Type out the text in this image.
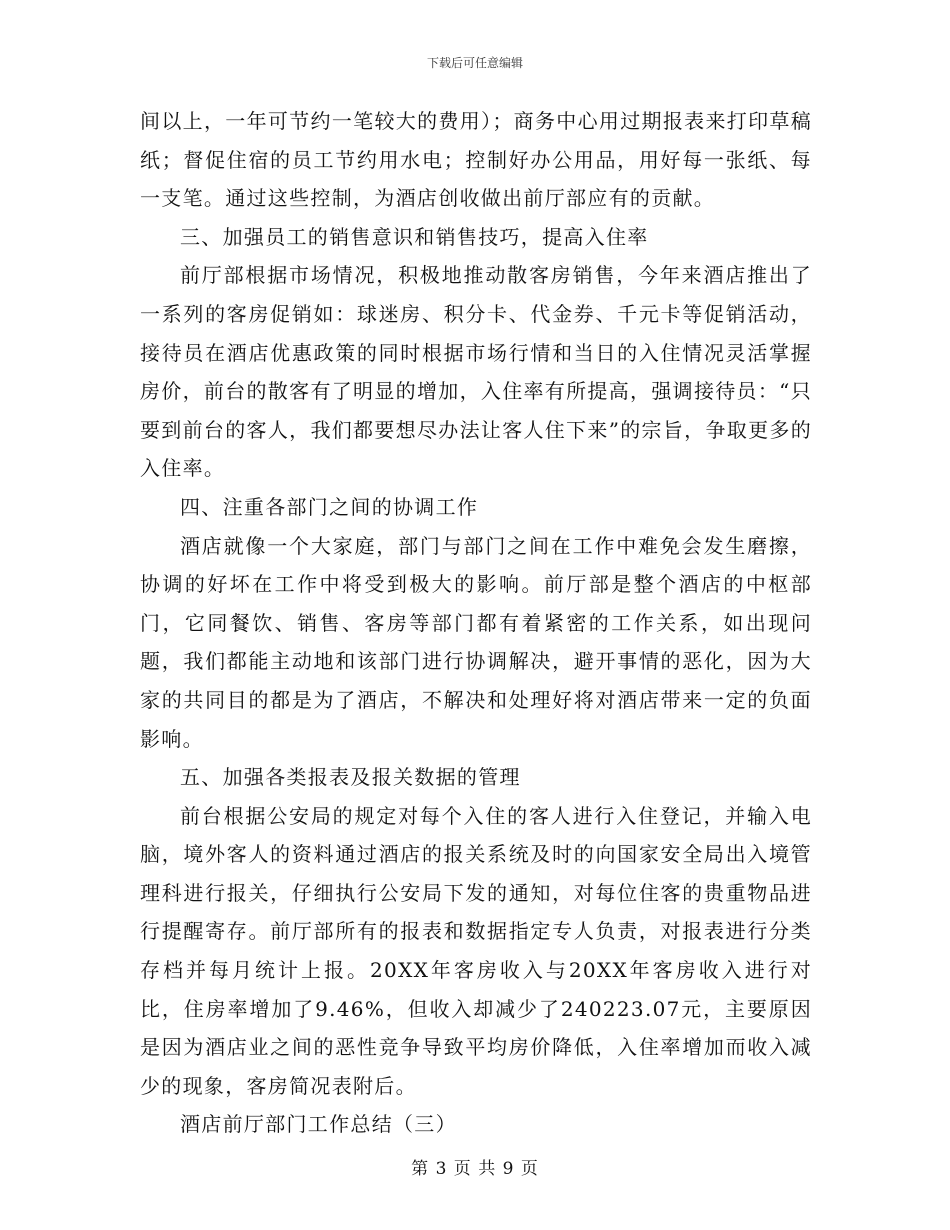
下载后可任意编辑

间以上，一年可节约一笔较大的费用）；商务中心用过期报表来打印草稿纸；督促住宿的员工节约用水电；控制好办公用品，用好每一张纸、每一支笔。通过这些控制，为酒店创收做出前厅部应有的贡献。

三、加强员工的销售意识和销售技巧，提高入住率

前厅部根据市场情况，积极地推动散客房销售，今年来酒店推出了一系列的客房促销如：球迷房、积分卡、代金券、千元卡等促销活动，接待员在酒店优惠政策的同时根据市场行情和当日的入住情况灵活掌握房价，前台的散客有了明显的增加，入住率有所提高，强调接待员：“只要到前台的客人，我们都要想尽办法让客人住下来”的宗旨，争取更多的入住率。

四、注重各部门之间的协调工作

酒店就像一个大家庭，部门与部门之间在工作中难免会发生磨擦，协调的好坏在工作中将受到极大的影响。前厅部是整个酒店的中枢部门，它同餐饮、销售、客房等部门都有着紧密的工作关系，如出现问题，我们都能主动地和该部门进行协调解决，避开事情的恶化，因为大家的共同目的都是为了酒店，不解决和处理好将对酒店带来一定的负面影响。

五、加强各类报表及报关数据的管理

前台根据公安局的规定对每个入住的客人进行入住登记，并输入电脑，境外客人的资料通过酒店的报关系统及时的向国家安全局出入境管理科进行报关，仔细执行公安局下发的通知，对每位住客的贵重物品进行提醒寄存。前厅部所有的报表和数据指定专人负责，对报表进行分类存档并每月统计上报。20XX年客房收入与20XX年客房收入进行对比，住房率增加了9.46%，但收入却减少了240223.07元，主要原因是因为酒店业之间的恶性竞争导致平均房价降低，入住率增加而收入减少的现象，客房简况表附后。

酒店前厅部门工作总结（三）

第 3 页 共 9 页
